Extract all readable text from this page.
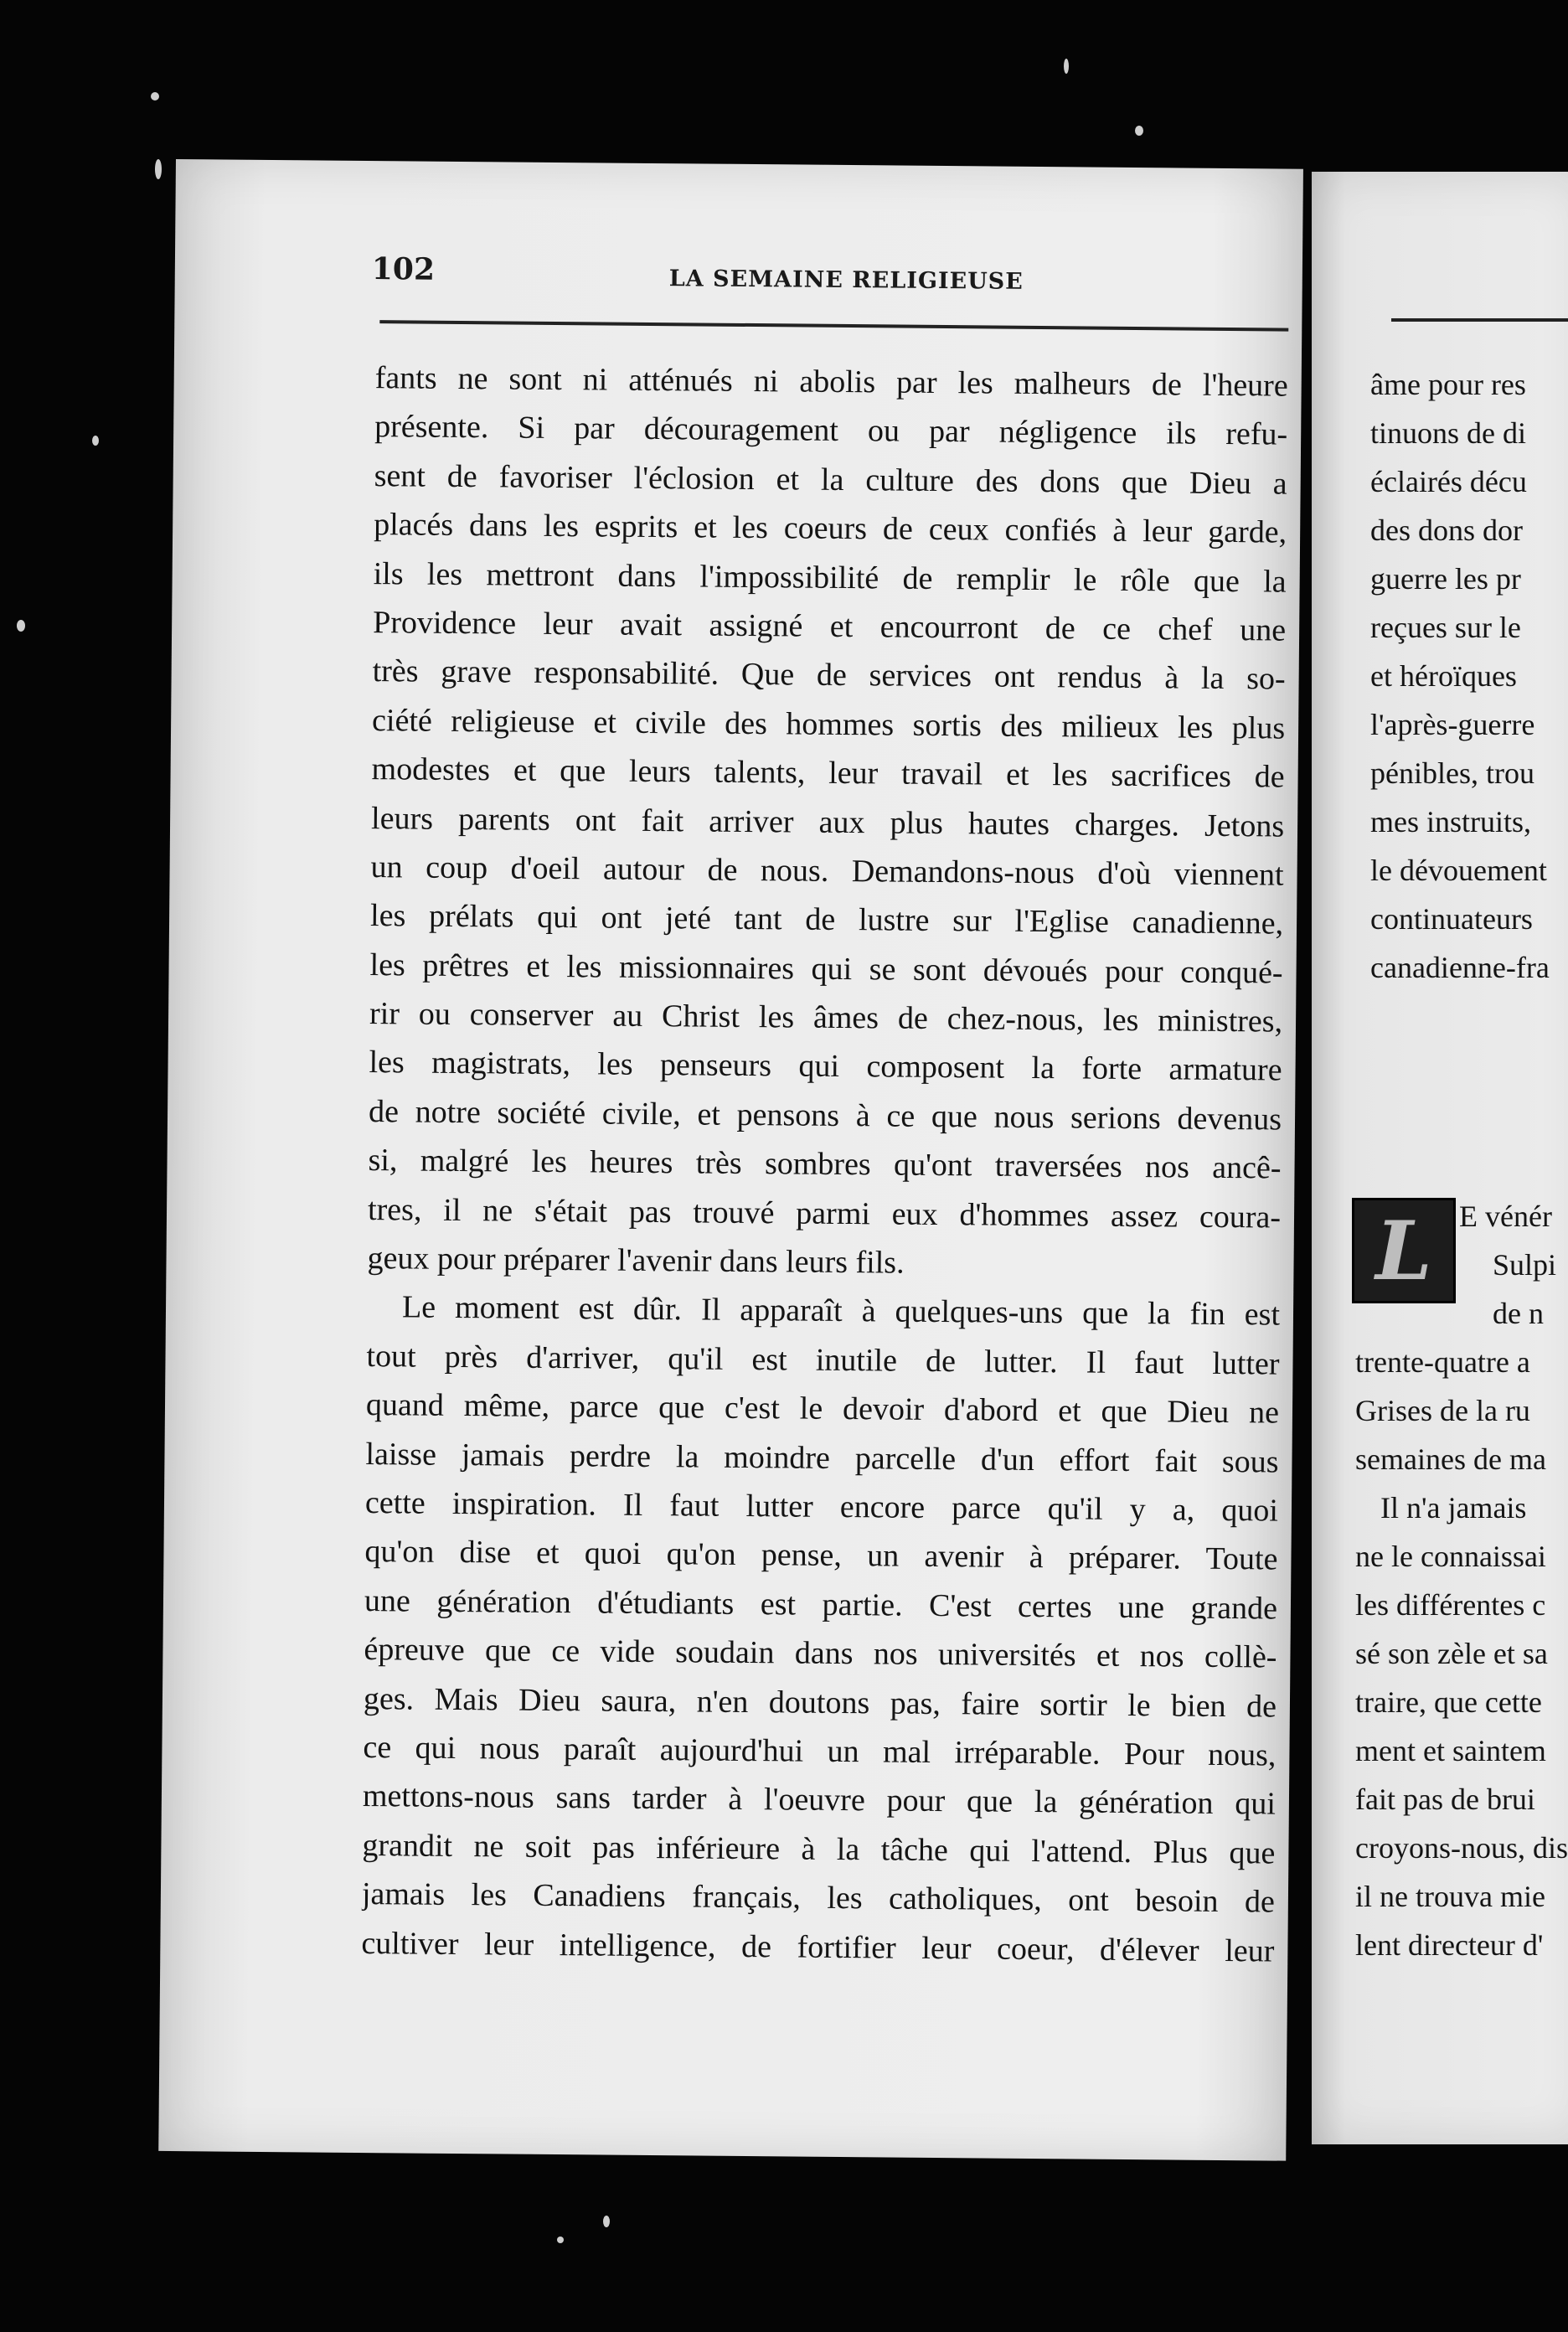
102	LA SEMAINE RELIGIEUSE
fants ne sont ni atténués ni abolis par les malheurs de l'heure
présente. Si par découragement ou par négligence ils refu-
sent de favoriser l'éclosion et la culture des dons que Dieu a
placés dans les esprits et les coeurs de ceux confiés à leur garde,
ils les mettront dans l'impossibilité de remplir le rôle que la
Providence leur avait assigné et encourront de ce chef une
très grave responsabilité. Que de services ont rendus à la so-
ciété religieuse et civile des hommes sortis des milieux les plus
modestes et que leurs talents, leur travail et les sacrifices de
leurs parents ont fait arriver aux plus hautes charges. Jetons
un coup d'oeil autour de nous. Demandons-nous d'où viennent
les prélats qui ont jeté tant de lustre sur l'Eglise canadienne,
les prêtres et les missionnaires qui se sont dévoués pour conqué-
rir ou conserver au Christ les âmes de chez-nous, les ministres,
les magistrats, les penseurs qui composent la forte armature
de notre société civile, et pensons à ce que nous serions devenus
si, malgré les heures très sombres qu'ont traversées nos ancê-
tres, il ne s'était pas trouvé parmi eux d'hommes assez coura-
geux pour préparer l'avenir dans leurs fils.
Le moment est dûr. Il apparaît à quelques-uns que la fin est
tout près d'arriver, qu'il est inutile de lutter. Il faut lutter
quand même, parce que c'est le devoir d'abord et que Dieu ne
laisse jamais perdre la moindre parcelle d'un effort fait sous
cette inspiration. Il faut lutter encore parce qu'il y a, quoi
qu'on dise et quoi qu'on pense, un avenir à préparer. Toute
une génération d'étudiants est partie. C'est certes une grande
épreuve que ce vide soudain dans nos universités et nos collè-
ges. Mais Dieu saura, n'en doutons pas, faire sortir le bien de
ce qui nous paraît aujourd'hui un mal irréparable. Pour nous,
mettons-nous sans tarder à l'oeuvre pour que la génération qui
grandit ne soit pas inférieure à la tâche qui l'attend. Plus que
jamais les Canadiens français, les catholiques, ont besoin de
cultiver leur intelligence, de fortifier leur coeur, d'élever leur
âme pour res
tinuons de di
éclairés décu
des dons dor
guerre les pr
reçues sur le
et héroïques
l'après-guerre
pénibles, trou
mes instruits,
le dévouement
continuateurs
canadienne-fra
L E vénér
Sulpi
de n
trente-quatre a
Grises de la ru
semaines de ma
Il n'a jamais
ne le connaissai
les différentes c
sé son zèle et sa
traire, que cette
ment et saintem
fait pas de brui
croyons-nous, dis
il ne trouva mie
lent directeur d'
